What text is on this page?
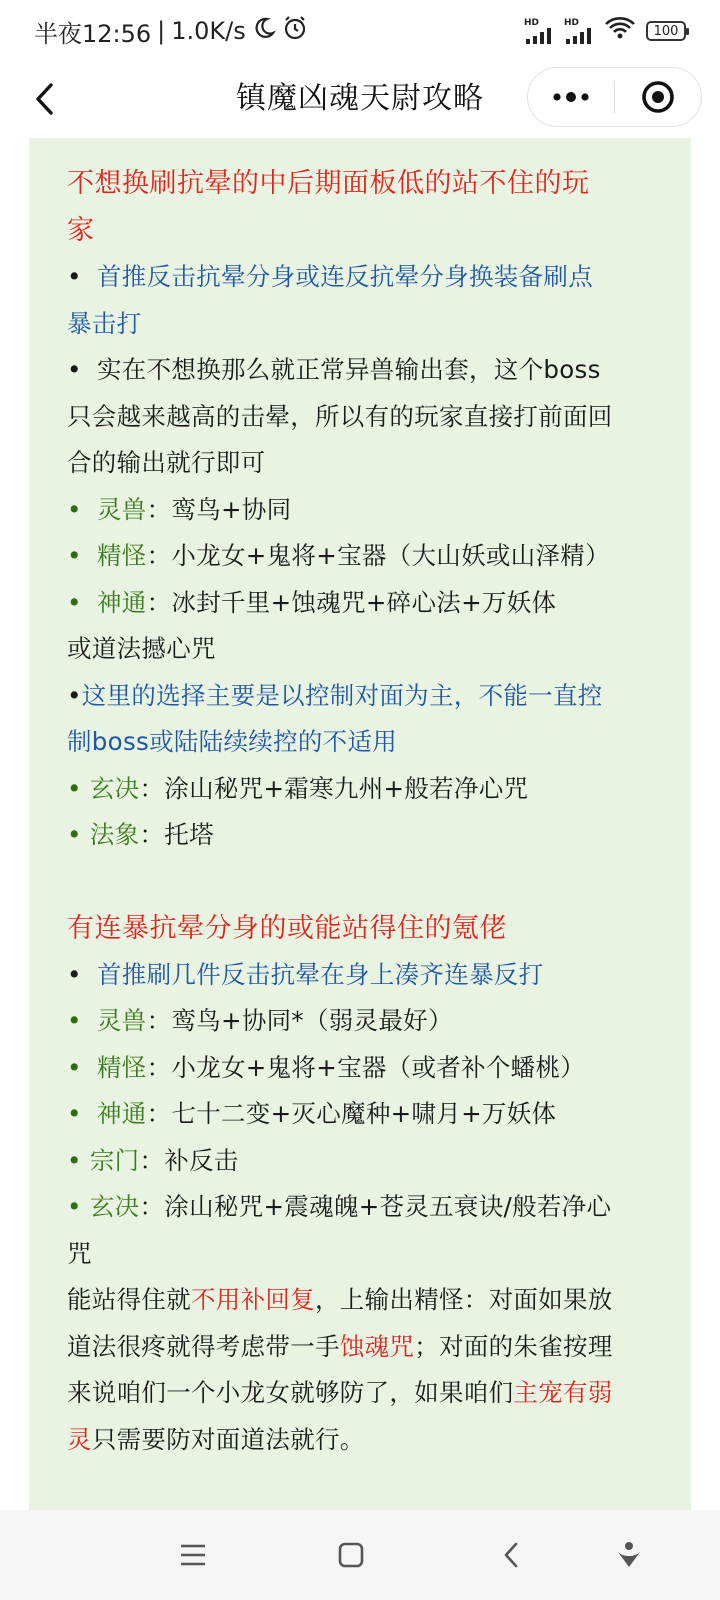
半夜12:56 | 1.0K/s	HD	HD
100
镇魔凶魂天尉攻略

不想换刷抗晕的中后期面板低的站不住的玩
家

• 首推反击抗晕分身或连反抗晕分身换装备刷点
暴击打

• 实在不想换那么就正常异兽输出套，这个boss
只会越来越高的击晕，所以有的玩家直接打前面回
合的输出就行即可

• 灵兽：鸾鸟+协同

• 精怪：小龙女+鬼将+宝器（大山妖或山泽精）

• 神通：冰封千里+蚀魂咒+碎心法+万妖体
或道法撼心咒

•这里的选择主要是以控制对面为主，不能一直控
制boss或陆陆续续控的不适用

• 玄决：涂山秘咒+霜寒九州+般若净心咒

• 法象：托塔

有连暴抗晕分身的或能站得住的氪佬

• 首推刷几件反击抗晕在身上凑齐连暴反打

• 灵兽：鸾鸟+协同*（弱灵最好）

• 精怪：小龙女+鬼将+宝器（或者补个蟠桃）

• 神通：七十二变+灭心魔种+啸月+万妖体

• 宗门：补反击

• 玄决：涂山秘咒+震魂魄+苍灵五衰诀/般若净心
咒

能站得住就不用补回复，上输出精怪：对面如果放
道法很疼就得考虑带一手蚀魂咒；对面的朱雀按理
来说咱们一个小龙女就够防了，如果咱们主宠有弱
灵只需要防对面道法就行。
